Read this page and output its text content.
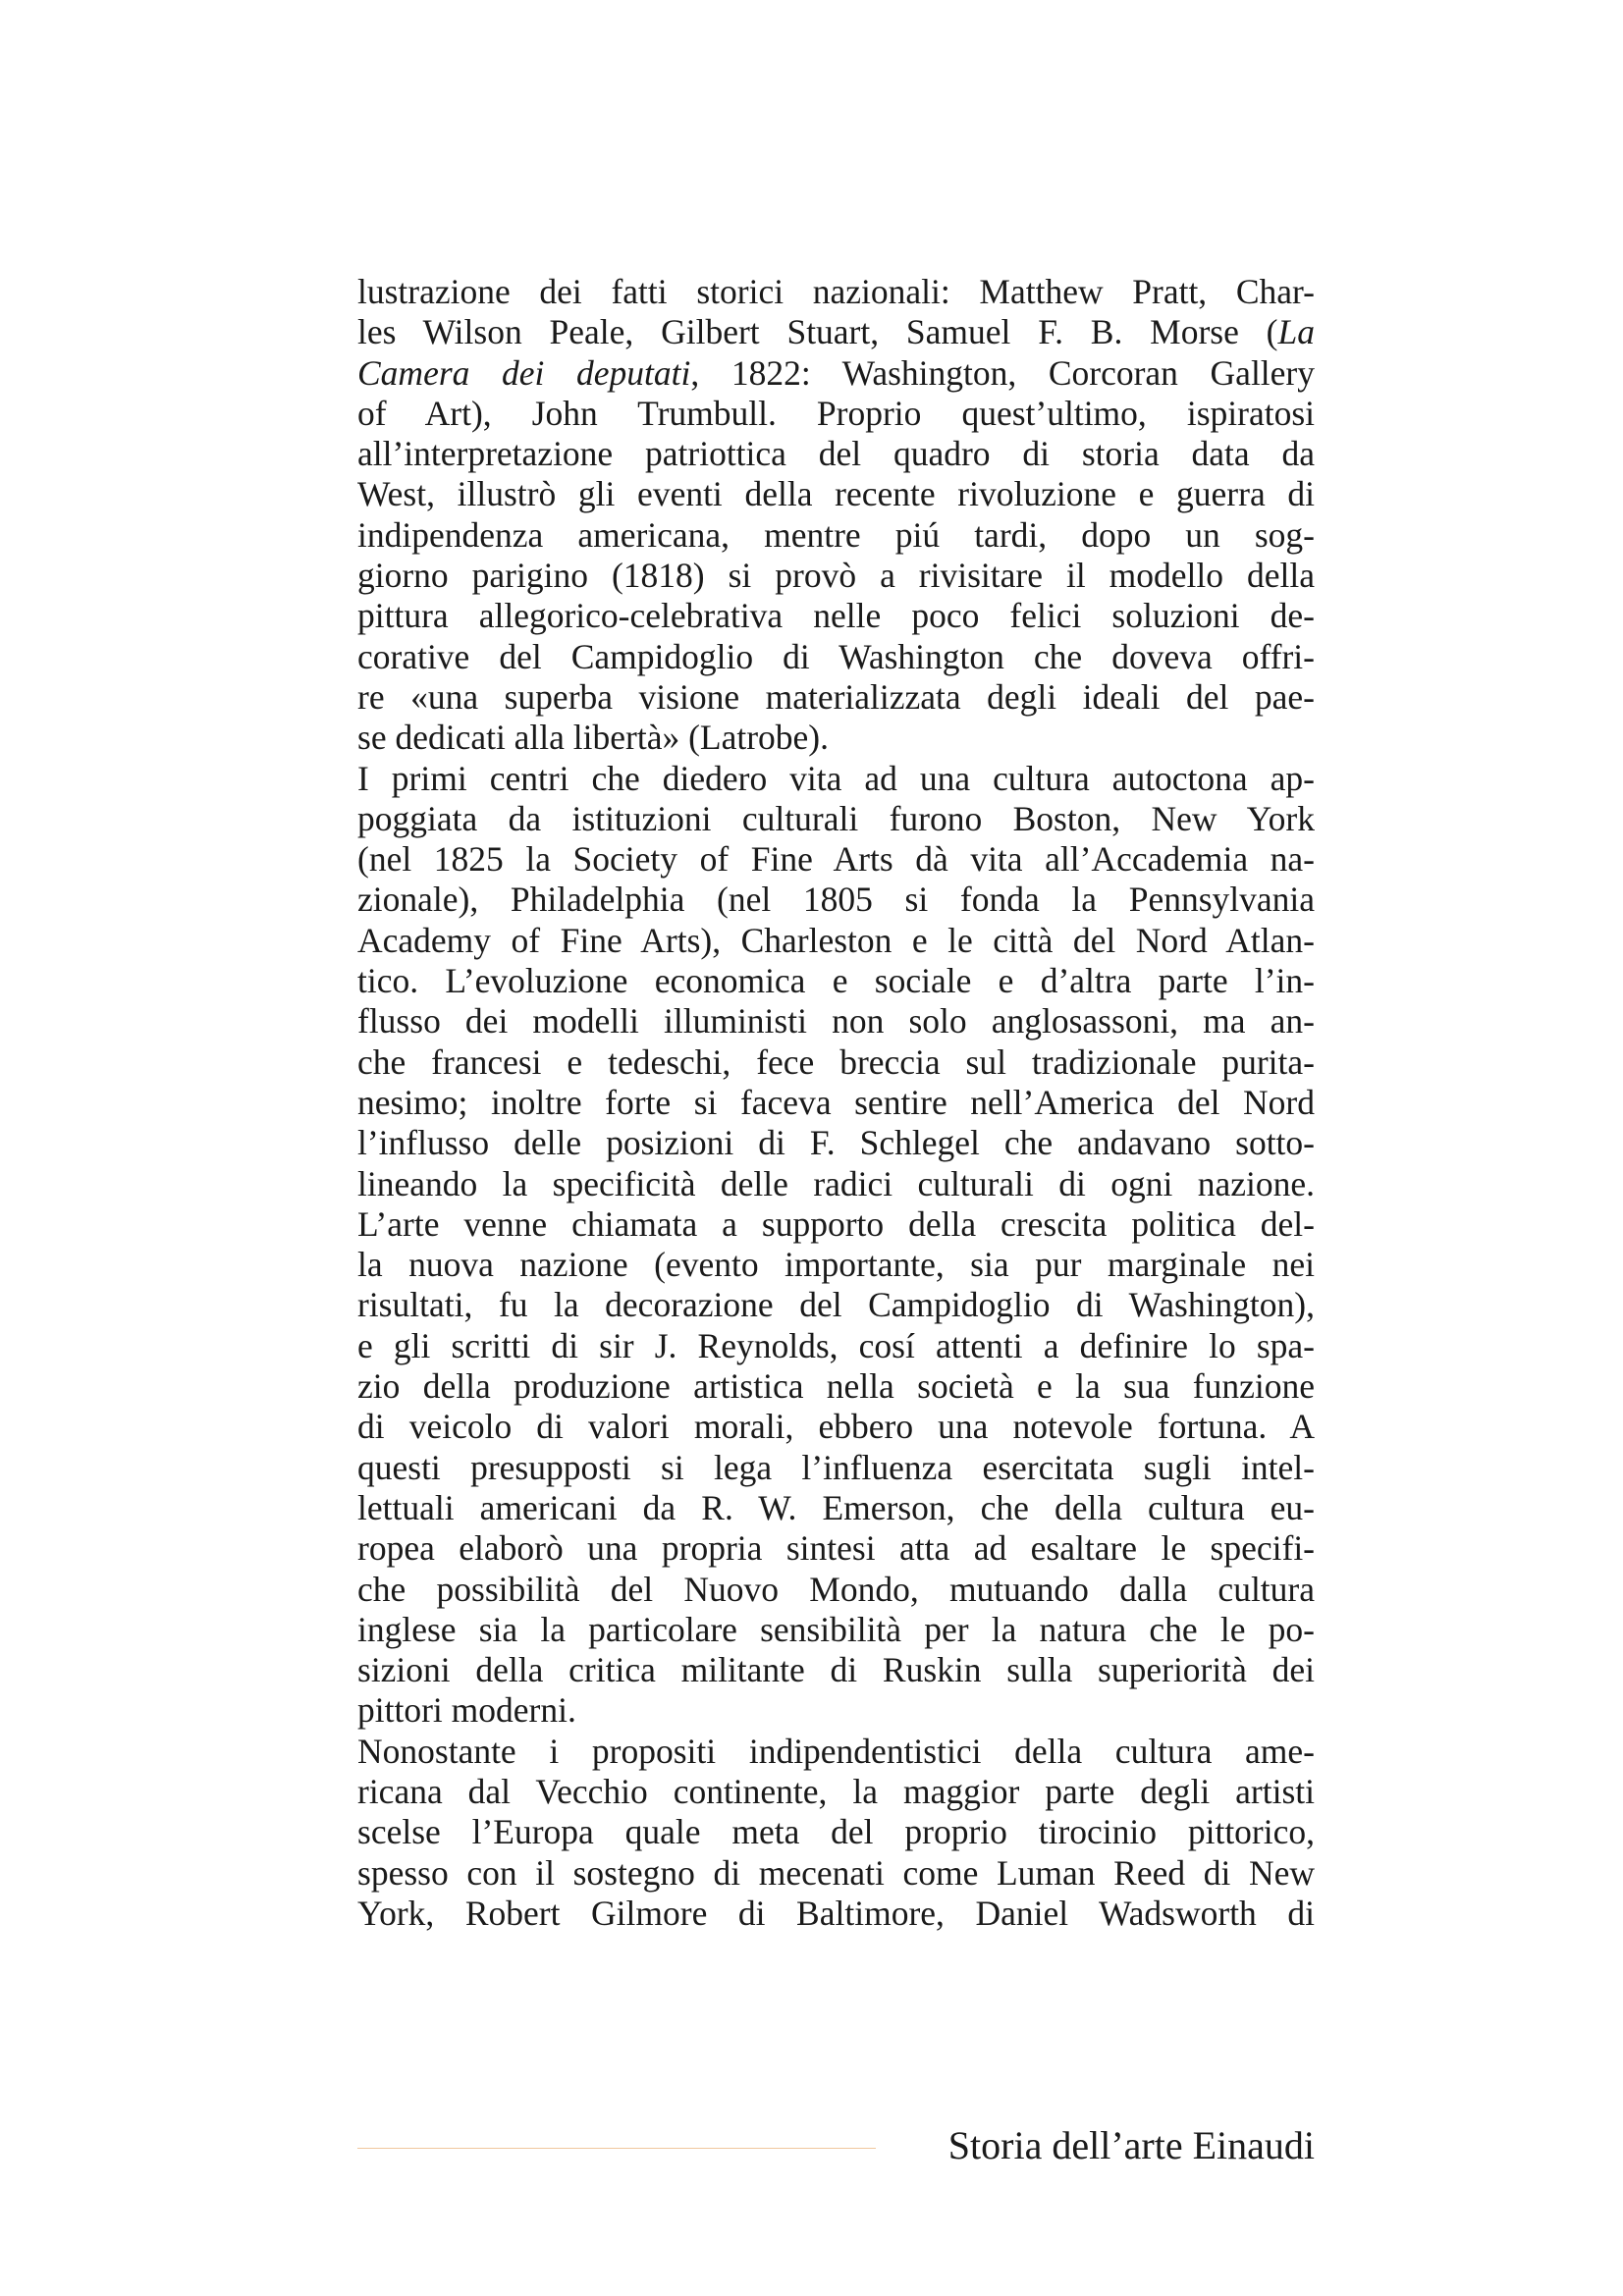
lustrazione dei fatti storici nazionali: Matthew Pratt, Char-
les Wilson Peale, Gilbert Stuart, Samuel F. B. Morse (La
Camera dei deputati, 1822: Washington, Corcoran Gallery
of Art), John Trumbull. Proprio quest’ultimo, ispiratosi
all’interpretazione patriottica del quadro di storia data da
West, illustrò gli eventi della recente rivoluzione e guerra di
indipendenza americana, mentre piú tardi, dopo un sog-
giorno parigino (1818) si provò a rivisitare il modello della
pittura allegorico-celebrativa nelle poco felici soluzioni de-
corative del Campidoglio di Washington che doveva offri-
re «una superba visione materializzata degli ideali del pae-
se dedicati alla libertà» (Latrobe).
I primi centri che diedero vita ad una cultura autoctona ap-
poggiata da istituzioni culturali furono Boston, New York
(nel 1825 la Society of Fine Arts dà vita all’Accademia na-
zionale), Philadelphia (nel 1805 si fonda la Pennsylvania
Academy of Fine Arts), Charleston e le città del Nord Atlan-
tico. L’evoluzione economica e sociale e d’altra parte l’in-
flusso dei modelli illuministi non solo anglosassoni, ma an-
che francesi e tedeschi, fece breccia sul tradizionale purita-
nesimo; inoltre forte si faceva sentire nell’America del Nord
l’influsso delle posizioni di F. Schlegel che andavano sotto-
lineando la specificità delle radici culturali di ogni nazione.
L’arte venne chiamata a supporto della crescita politica del-
la nuova nazione (evento importante, sia pur marginale nei
risultati, fu la decorazione del Campidoglio di Washington),
e gli scritti di sir J. Reynolds, cosí attenti a definire lo spa-
zio della produzione artistica nella società e la sua funzione
di veicolo di valori morali, ebbero una notevole fortuna. A
questi presupposti si lega l’influenza esercitata sugli intel-
lettuali americani da R. W. Emerson, che della cultura eu-
ropea elaborò una propria sintesi atta ad esaltare le specifi-
che possibilità del Nuovo Mondo, mutuando dalla cultura
inglese sia la particolare sensibilità per la natura che le po-
sizioni della critica militante di Ruskin sulla superiorità dei
pittori moderni.
Nonostante i propositi indipendentistici della cultura ame-
ricana dal Vecchio continente, la maggior parte degli artisti
scelse l’Europa quale meta del proprio tirocinio pittorico,
spesso con il sostegno di mecenati come Luman Reed di New
York, Robert Gilmore di Baltimore, Daniel Wadsworth di
Storia dell’arte Einaudi
